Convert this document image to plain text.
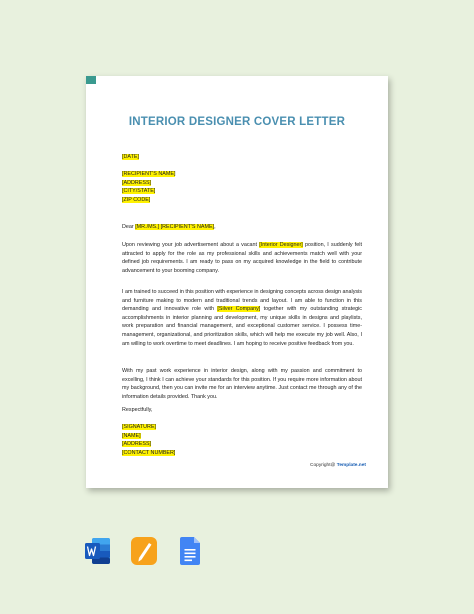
INTERIOR DESIGNER COVER LETTER
[DATE]
[RECIPIENT'S NAME]
[ADDRESS]
[CITY/STATE]
[ZIP CODE]
Dear [MR./MS.] [RECIPIENT'S NAME],

Upon reviewing your job advertisement about a vacant [Interior Designer] position, I suddenly felt attracted to apply for the role as my professional skills and achievements match well with your defined job requirements. I am ready to pass on my acquired knowledge in the field to contribute advancement to your booming company.

I am trained to succeed in this position with experience in designing concepts across design analysis and furniture making to modern and traditional trends and layout. I am able to function in this demanding and innovative role with [Silver Company] together with my outstanding strategic accomplishments in interior planning and development, my unique skills in designs and playlists, work preparation and financial management, and exceptional customer service. I possess time-management, organizational, and prioritization skills, which will help me execute my job well. Also, I am willing to work overtime to meet deadlines. I am hoping to receive positive feedback from you.

With my past work experience in interior design, along with my passion and commitment to excelling, I think I can achieve your standards for this position. If you require more information about my background, then you can invite me for an interview anytime. Just contact me through any of the information details provided. Thank you.

Respectfully,
[SIGNATURE]
[NAME]
[ADDRESS]
[CONTACT NUMBER]
Copyright@ Template.net
